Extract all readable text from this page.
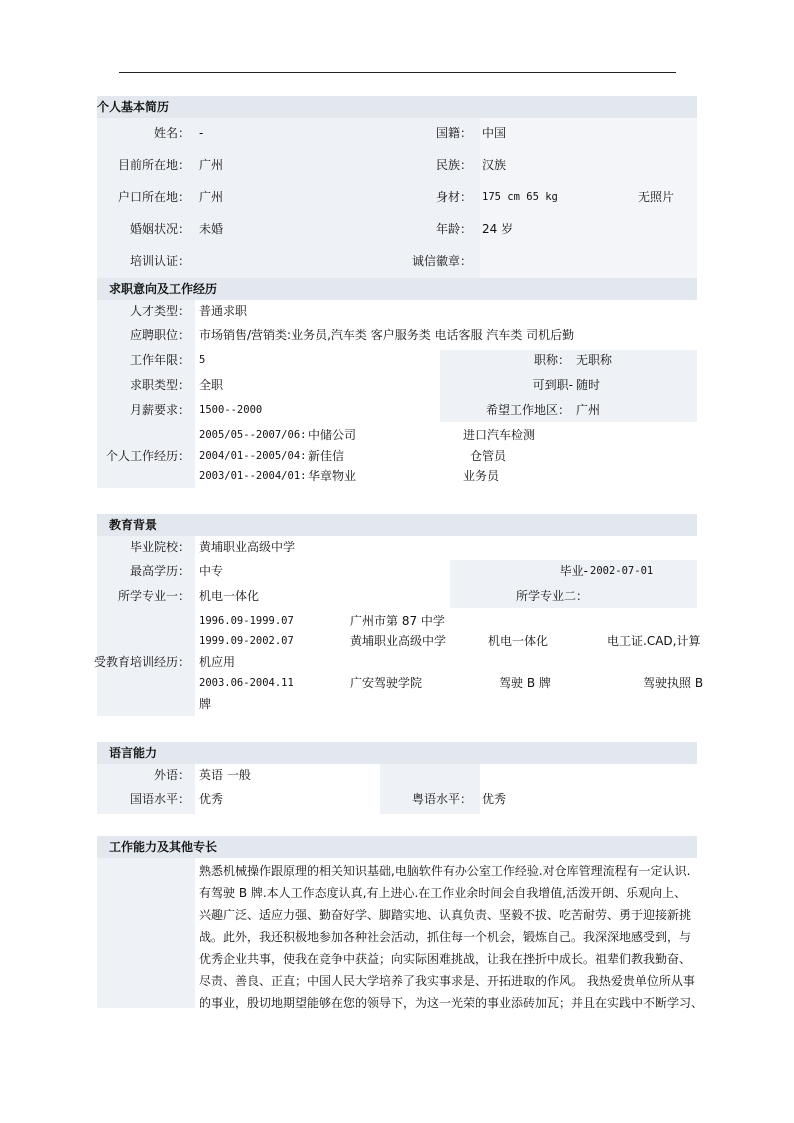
个人基本简历
姓名： -	国籍： 中国
目前所在地： 广州	民族： 汉族
户口所在地： 广州	身材： 175 cm 65 kg	无照片
婚姻状况： 未婚	年龄： 24 岁
培训认证：	诚信徽章：
求职意向及工作经历
人才类型： 普通求职
应聘职位： 市场销售/营销类:业务员,汽车类 客户服务类 电话客服 汽车类 司机后勤
工作年限： 5	职称： 无职称
求职类型： 全职	可到职- 随时
月薪要求： 1500--2000	希望工作地区： 广州
个人工作经历：
2005/05--2007/06: 中储公司	进口汽车检测
2004/01--2005/04: 新佳信	仓管员
2003/01--2004/01: 华章物业	业务员
教育背景
毕业院校： 黄埔职业高级中学
最高学历： 中专	毕业- 2002-07-01
所学专业一： 机电一体化	所学专业二：
受教育培训经历：
1996.09-1999.07	广州市第 87 中学
1999.09-2002.07	黄埔职业高级中学	机电一体化	电工证.CAD,计算
机应用
2003.06-2004.11	广安驾驶学院	驾驶 B 牌	驾驶执照 B
牌
语言能力
外语： 英语 一般
国语水平： 优秀	粤语水平： 优秀
工作能力及其他专长
熟悉机械操作跟原理的相关知识基础,电脑软件有办公室工作经验.对仓库管理流程有一定认识.
有驾驶 B 牌.本人工作态度认真,有上进心.在工作业余时间会自我增值,活泼开朗、乐观向上、
兴趣广泛、适应力强、勤奋好学、脚踏实地、认真负责、坚毅不拔、吃苦耐劳、勇于迎接新挑
战。此外，我还积极地参加各种社会活动，抓住每一个机会，锻炼自己。我深深地感受到，与
优秀企业共事，使我在竞争中获益；向实际困难挑战，让我在挫折中成长。祖辈们教我勤奋、
尽责、善良、正直；中国人民大学培养了我实事求是、开拓进取的作风。 我热爱贵单位所从事
的事业，殷切地期望能够在您的领导下，为这一光荣的事业添砖加瓦；并且在实践中不断学习、
